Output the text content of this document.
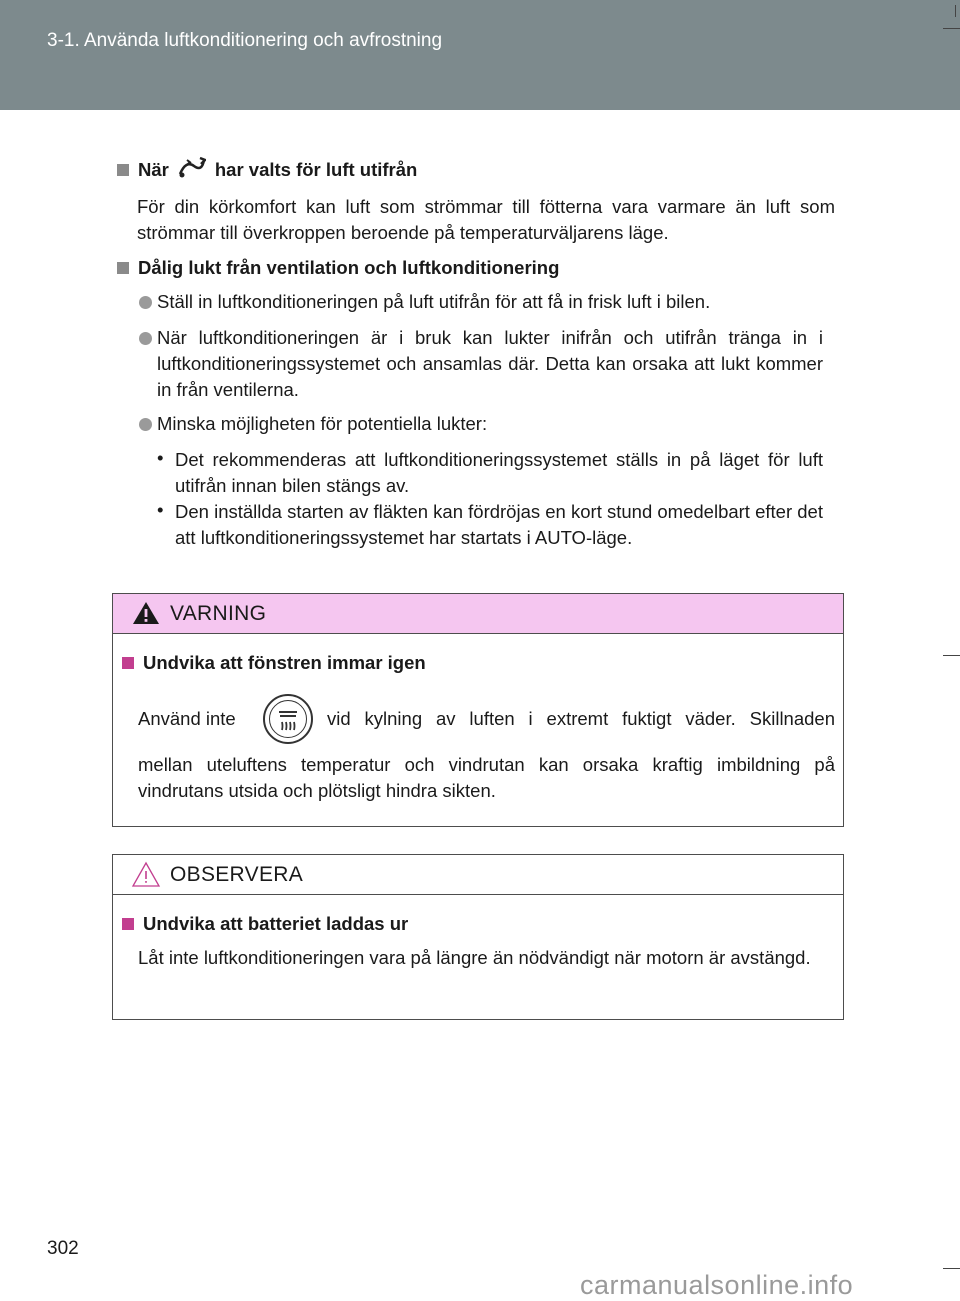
3-1. Använda luftkonditionering och avfrostning
När har valts för luft utifrån
För din körkomfort kan luft som strömmar till fötterna vara varmare än luft som strömmar till överkroppen beroende på temperaturväljarens läge.
Dålig lukt från ventilation och luftkonditionering
Ställ in luftkonditioneringen på luft utifrån för att få in frisk luft i bilen.
När luftkonditioneringen är i bruk kan lukter inifrån och utifrån tränga in i luftkonditioneringssystemet och ansamlas där. Detta kan orsaka att lukt kommer in från ventilerna.
Minska möjligheten för potentiella lukter:
• Det rekommenderas att luftkonditioneringssystemet ställs in på läget för luft utifrån innan bilen stängs av.
• Den inställda starten av fläkten kan fördröjas en kort stund omedelbart efter det att luftkonditioneringssystemet har startats i AUTO-läge.
VARNING
Undvika att fönstren immar igen
Använd inte	vid kylning av luften i extremt fuktigt väder. Skillnaden
mellan uteluftens temperatur och vindrutan kan orsaka kraftig imbildning på vindrutans utsida och plötsligt hindra sikten.
OBSERVERA
Undvika att batteriet laddas ur
Låt inte luftkonditioneringen vara på längre än nödvändigt när motorn är avstängd.
302
carmanualsonline.info
